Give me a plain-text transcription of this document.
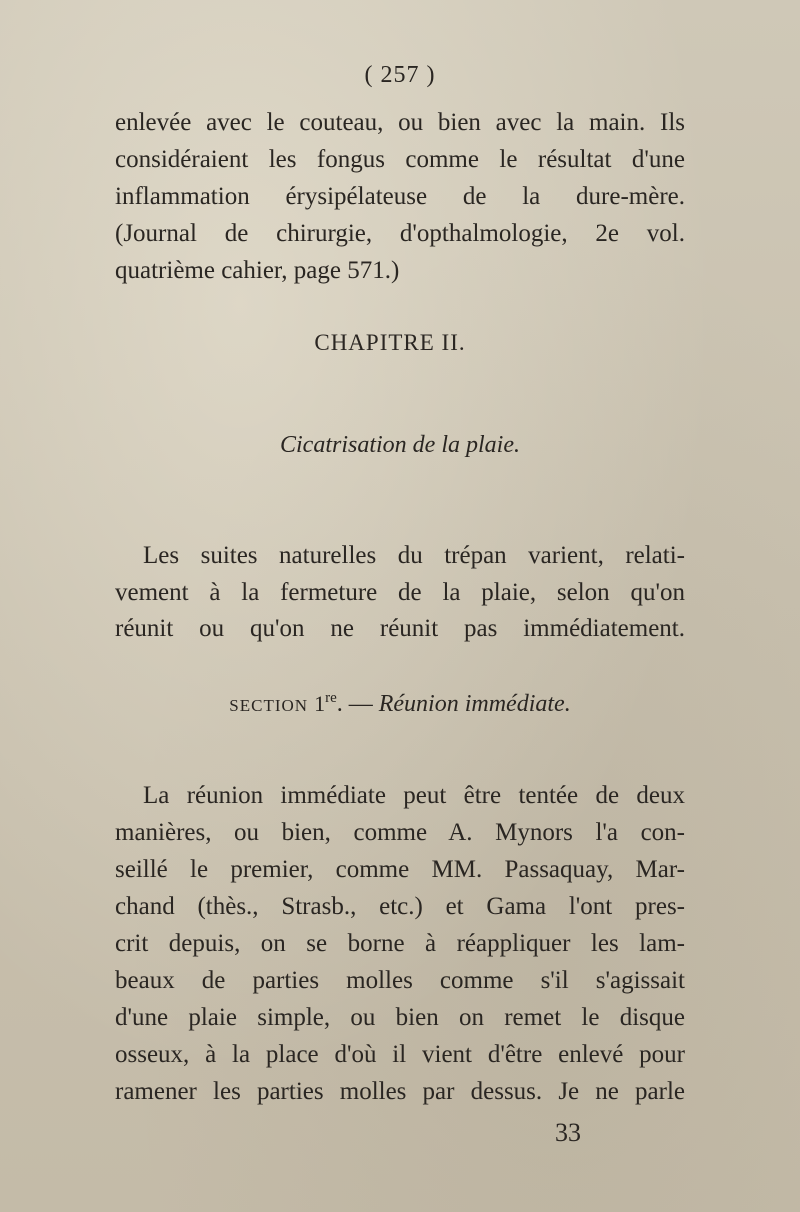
( 257 )
enlevée avec le couteau, ou bien avec la main. Ils
considéraient les fongus comme le résultat d'une
inflammation érysipélateuse de la dure-mère.
(Journal de chirurgie, d'opthalmologie, 2e vol.
quatrième cahier, page 571.)
CHAPITRE II.
Cicatrisation de la plaie.
Les suites naturelles du trépan varient, relati-
vement à la fermeture de la plaie, selon qu'on
réunit ou qu'on ne réunit pas immédiatement.
SECTION 1re. — Réunion immédiate.
La réunion immédiate peut être tentée de deux
manières, ou bien, comme A. Mynors l'a con-
seillé le premier, comme MM. Passaquay, Mar-
chand (thès., Strasb., etc.) et Gama l'ont pres-
crit depuis, on se borne à réappliquer les lam-
beaux de parties molles comme s'il s'agissait
d'une plaie simple, ou bien on remet le disque
osseux, à la place d'où il vient d'être enlevé pour
ramener les parties molles par dessus. Je ne parle
33
